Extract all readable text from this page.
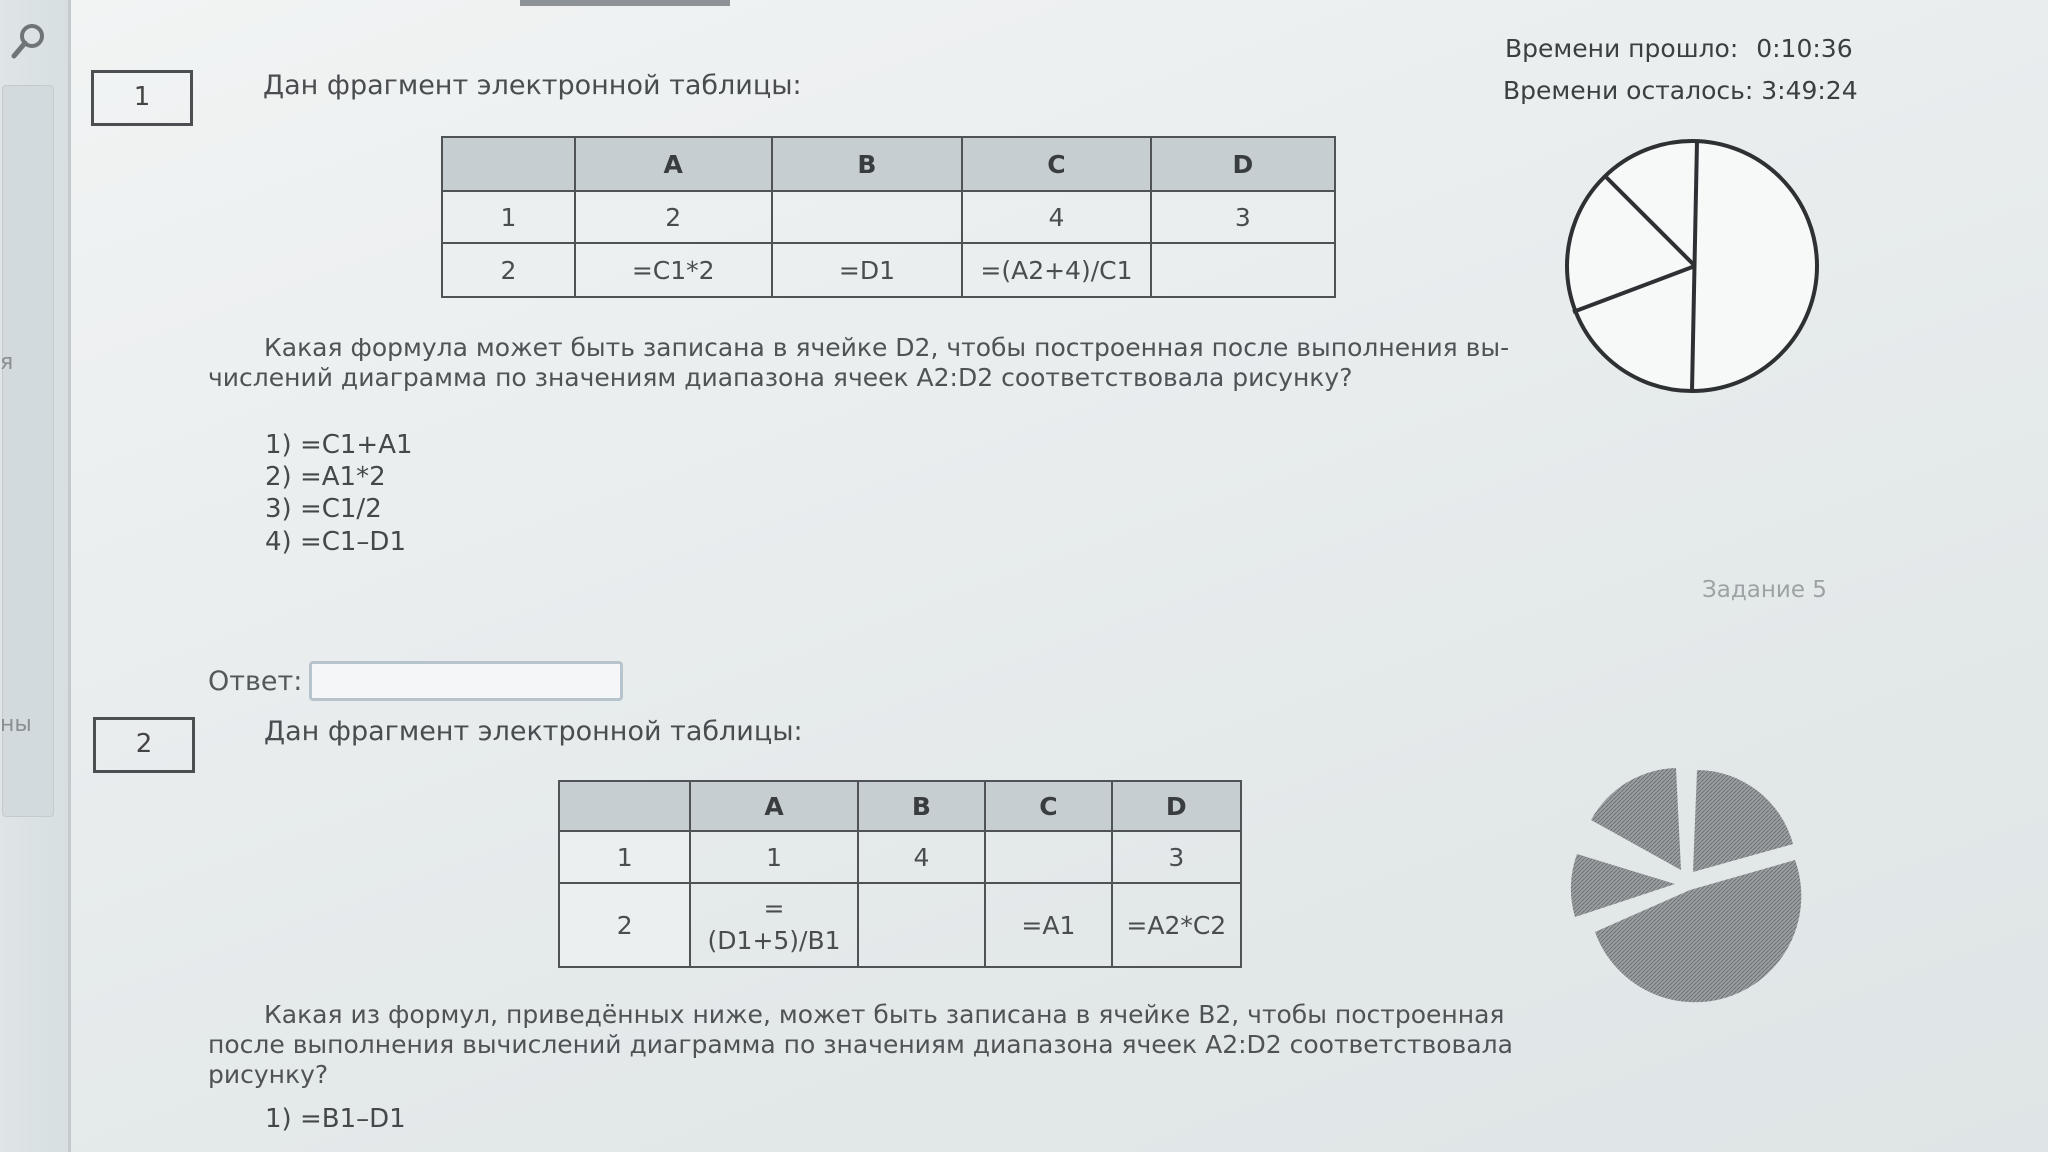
я
ны
Времени прошло: 0:10:36
Времени осталось: 3:49:24
1	Дан фрагмент электронной таблицы:
	A	B	C	D
1	2		4	3
2	=C1*2	=D1	=(A2+4)/C1	
Какая формула может быть записана в ячейке D2, чтобы построенная после выполнения вы-
числений диаграмма по значениям диапазона ячеек A2:D2 соответствовала рисунку?
1) =C1+A1
2) =A1*2
3) =C1/2
4) =C1–D1
Задание 5
Ответ:
2	Дан фрагмент электронной таблицы:
	A	B	C	D
1	1	4		3
2	=
(D1+5)/B1		=A1	=A2*C2
Какая из формул, приведённых ниже, может быть записана в ячейке B2, чтобы построенная
после выполнения вычислений диаграмма по значениям диапазона ячеек A2:D2 соответствовала рисунку?
1) =B1–D1
